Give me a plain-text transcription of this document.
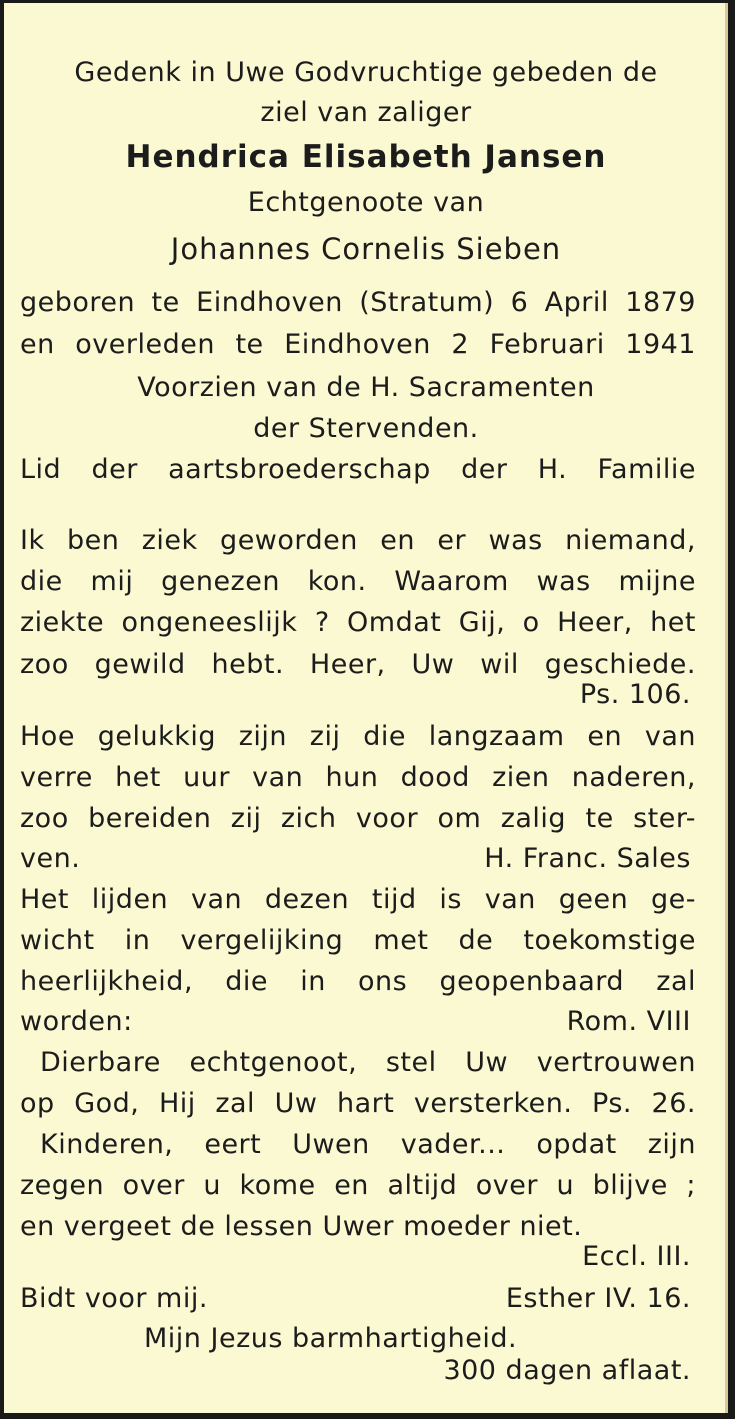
Gedenk in Uwe Godvruchtige gebeden de
ziel van zaliger
Hendrica Elisabeth Jansen
Echtgenoote van
Johannes Cornelis Sieben
geboren te Eindhoven (Stratum) 6 April 1879
en overleden te Eindhoven 2 Februari 1941
Voorzien van de H. Sacramenten
der Stervenden.
Lid der aartsbroederschap der H. Familie
Ik ben ziek geworden en er was niemand,
die mij genezen kon. Waarom was mijne
ziekte ongeneeslijk ? Omdat Gij, o Heer, het
zoo gewild hebt. Heer, Uw wil geschiede.
Ps. 106.
Hoe gelukkig zijn zij die langzaam en van
verre het uur van hun dood zien naderen,
zoo bereiden zij zich voor om zalig te ster-
ven.	H. Franc. Sales
Het lijden van dezen tijd is van geen ge-
wicht in vergelijking met de toekomstige
heerlijkheid, die in ons geopenbaard zal
worden:	Rom. VIII
Dierbare echtgenoot, stel Uw vertrouwen
op God, Hij zal Uw hart versterken. Ps. 26.
Kinderen, eert Uwen vader... opdat zijn
zegen over u kome en altijd over u blijve ;
en vergeet de lessen Uwer moeder niet.
Eccl. III.
Bidt voor mij.	Esther IV. 16.
Mijn Jezus barmhartigheid.
300 dagen aflaat.
